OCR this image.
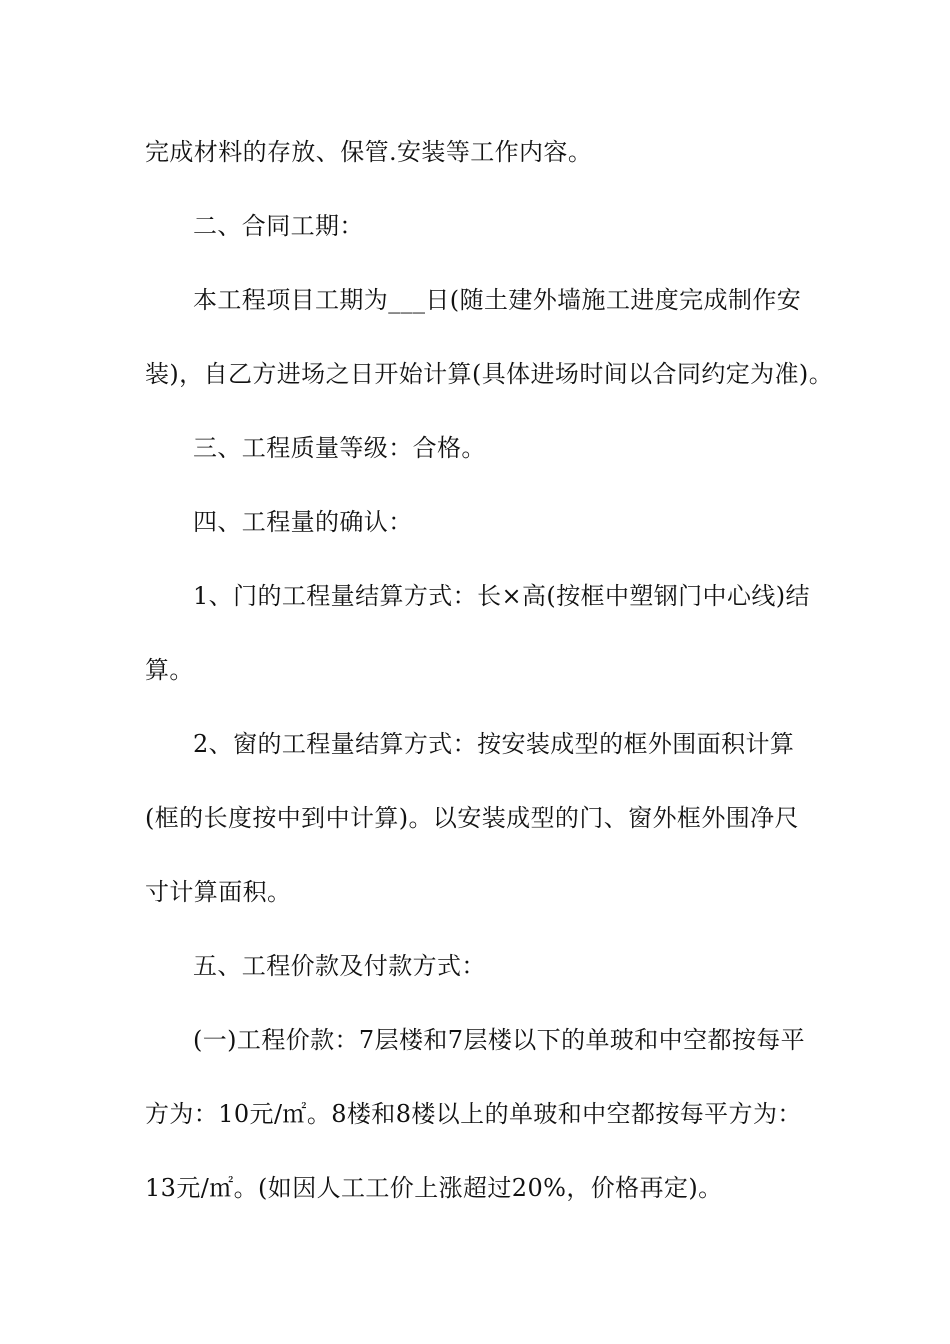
完成材料的存放、保管.安装等工作内容。
二、合同工期：
本工程项目工期为___日(随土建外墙施工进度完成制作安
装)，自乙方进场之日开始计算(具体进场时间以合同约定为准)。
三、工程质量等级：合格。
四、工程量的确认：
1、门的工程量结算方式：长×高(按框中塑钢门中心线)结
算。
2、窗的工程量结算方式：按安装成型的框外围面积计算
(框的长度按中到中计算)。以安装成型的门、窗外框外围净尺
寸计算面积。
五、工程价款及付款方式：
(一)工程价款：7层楼和7层楼以下的单玻和中空都按每平
方为：10元/㎡。8楼和8楼以上的单玻和中空都按每平方为：
13元/㎡。(如因人工工价上涨超过20%，价格再定)。
